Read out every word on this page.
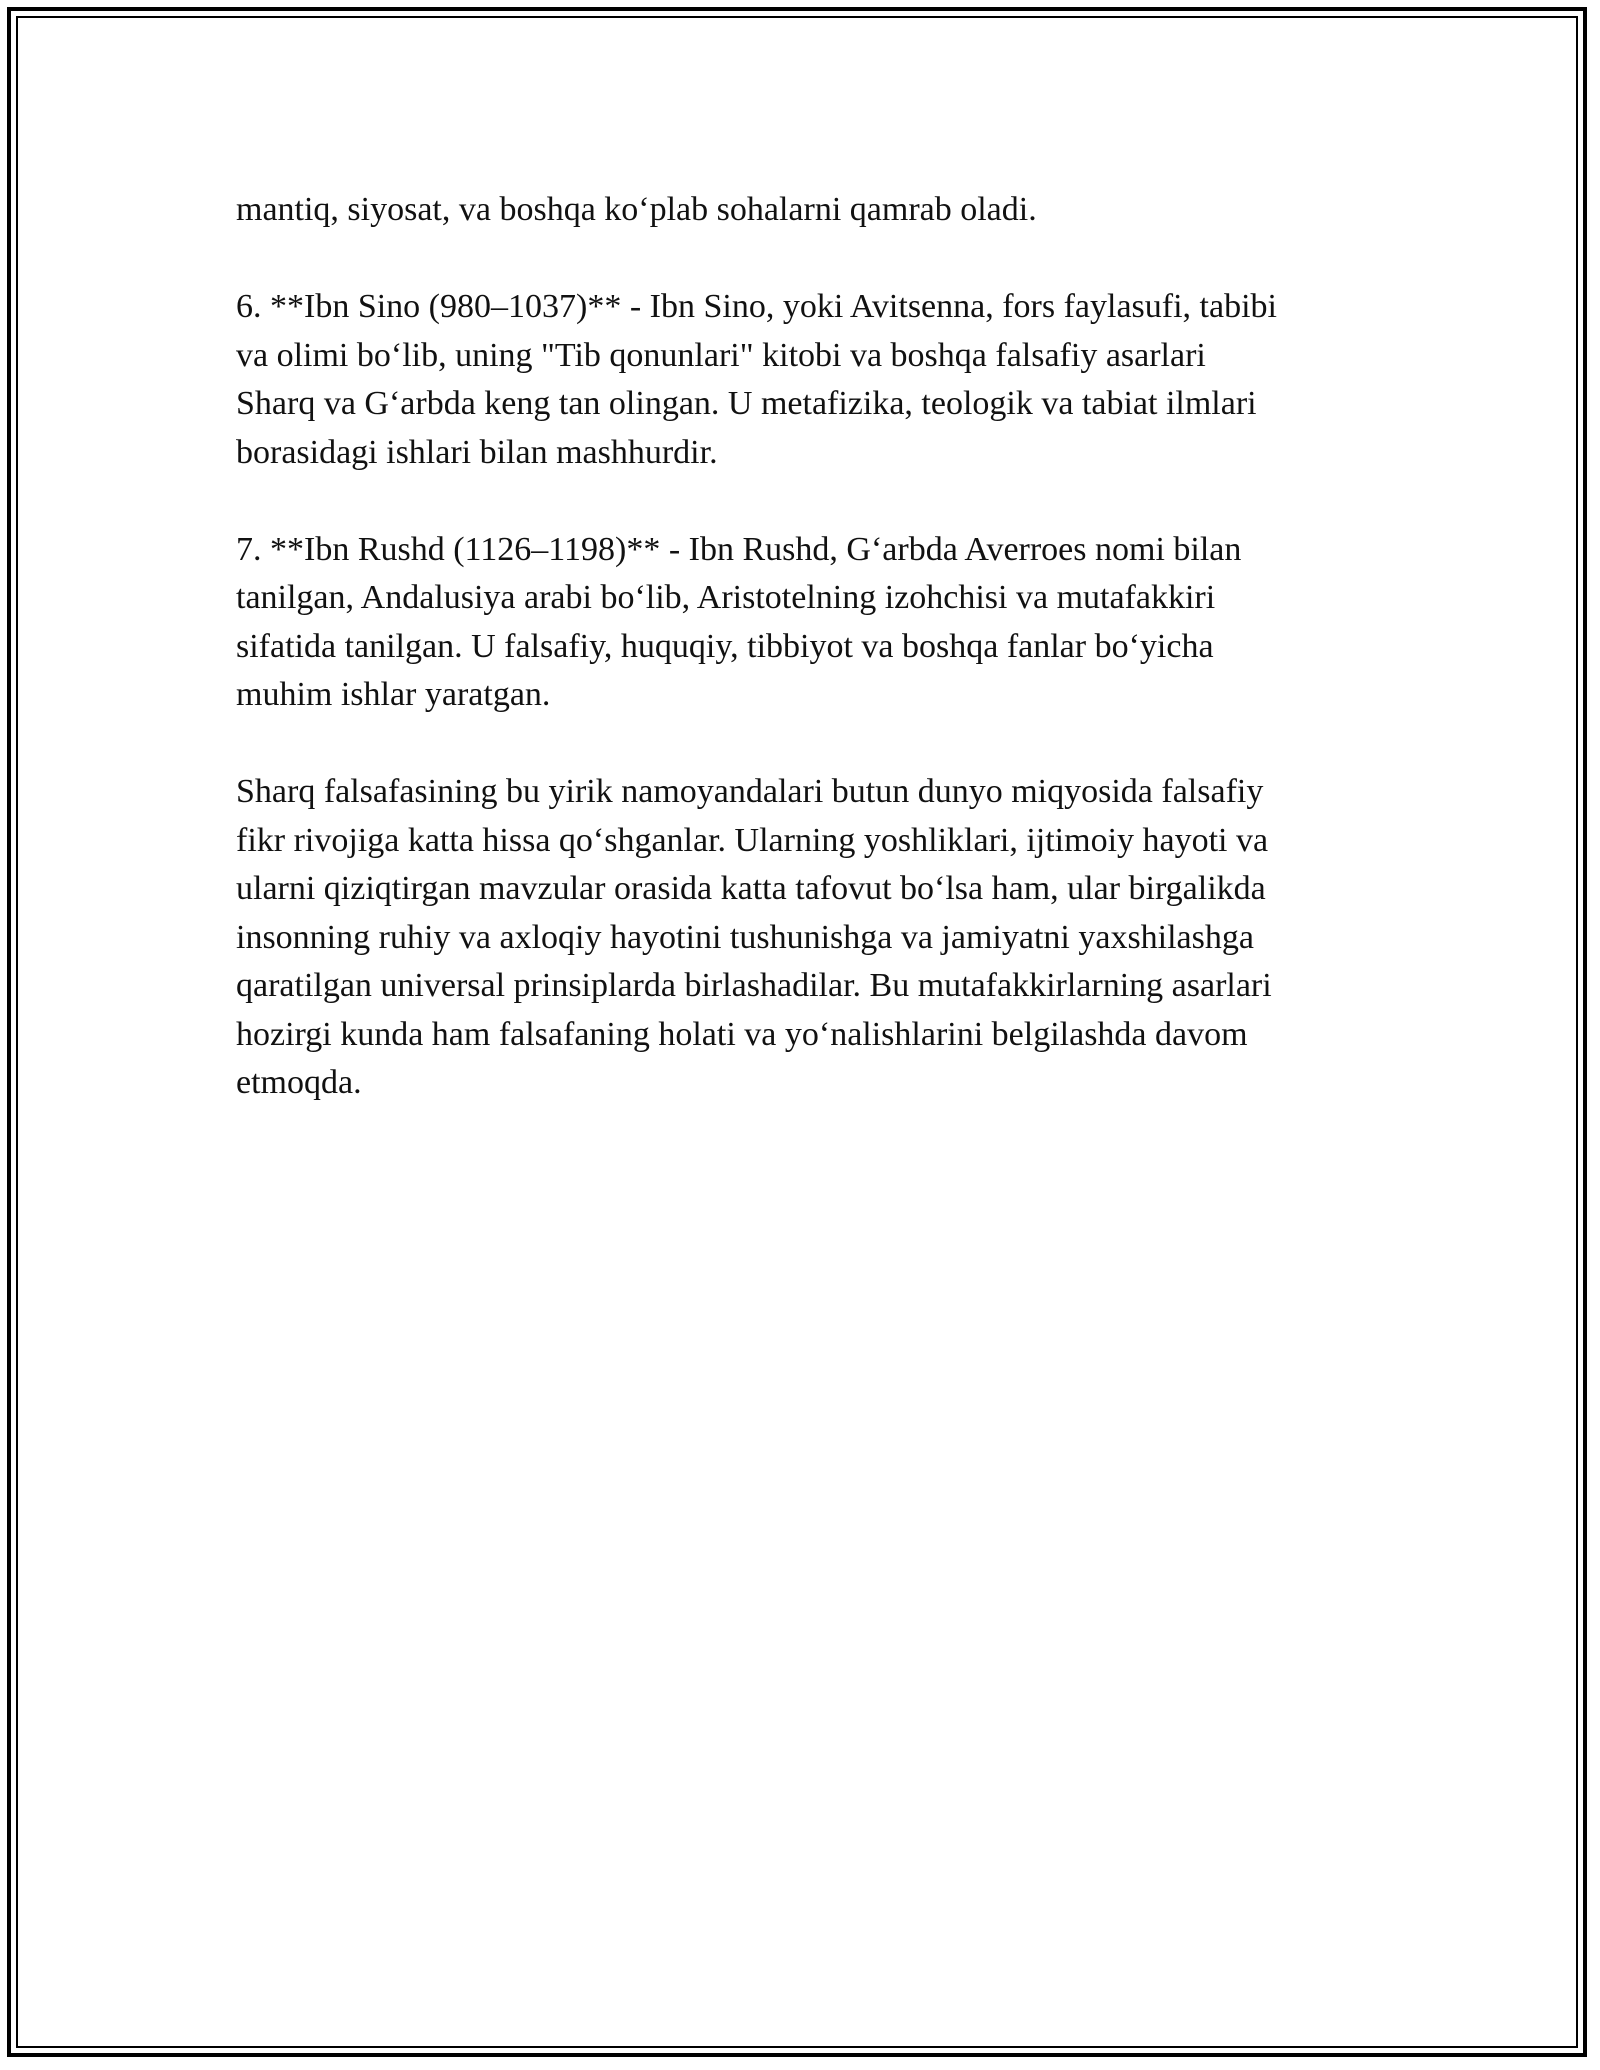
mantiq, siyosat, va boshqa koʻplab sohalarni qamrab oladi.

6. **Ibn Sino (980–1037)** - Ibn Sino, yoki Avitsenna, fors faylasufi, tabibi
va olimi boʻlib, uning "Tib qonunlari" kitobi va boshqa falsafiy asarlari
Sharq va Gʻarbda keng tan olingan. U metafizika, teologik va tabiat ilmlari
borasidagi ishlari bilan mashhurdir.

7. **Ibn Rushd (1126–1198)** - Ibn Rushd, Gʻarbda Averroes nomi bilan
tanilgan, Andalusiya arabi boʻlib, Aristotelning izohchisi va mutafakkiri
sifatida tanilgan. U falsafiy, huquqiy, tibbiyot va boshqa fanlar boʻyicha
muhim ishlar yaratgan.

Sharq falsafasining bu yirik namoyandalari butun dunyo miqyosida falsafiy
fikr rivojiga katta hissa qoʻshganlar. Ularning yoshliklari, ijtimoiy hayoti va
ularni qiziqtirgan mavzular orasida katta tafovut boʻlsa ham, ular birgalikda
insonning ruhiy va axloqiy hayotini tushunishga va jamiyatni yaxshilashga
qaratilgan universal prinsiplarda birlashadilar. Bu mutafakkirlarning asarlari
hozirgi kunda ham falsafaning holati va yoʻnalishlarini belgilashda davom
etmoqda.
